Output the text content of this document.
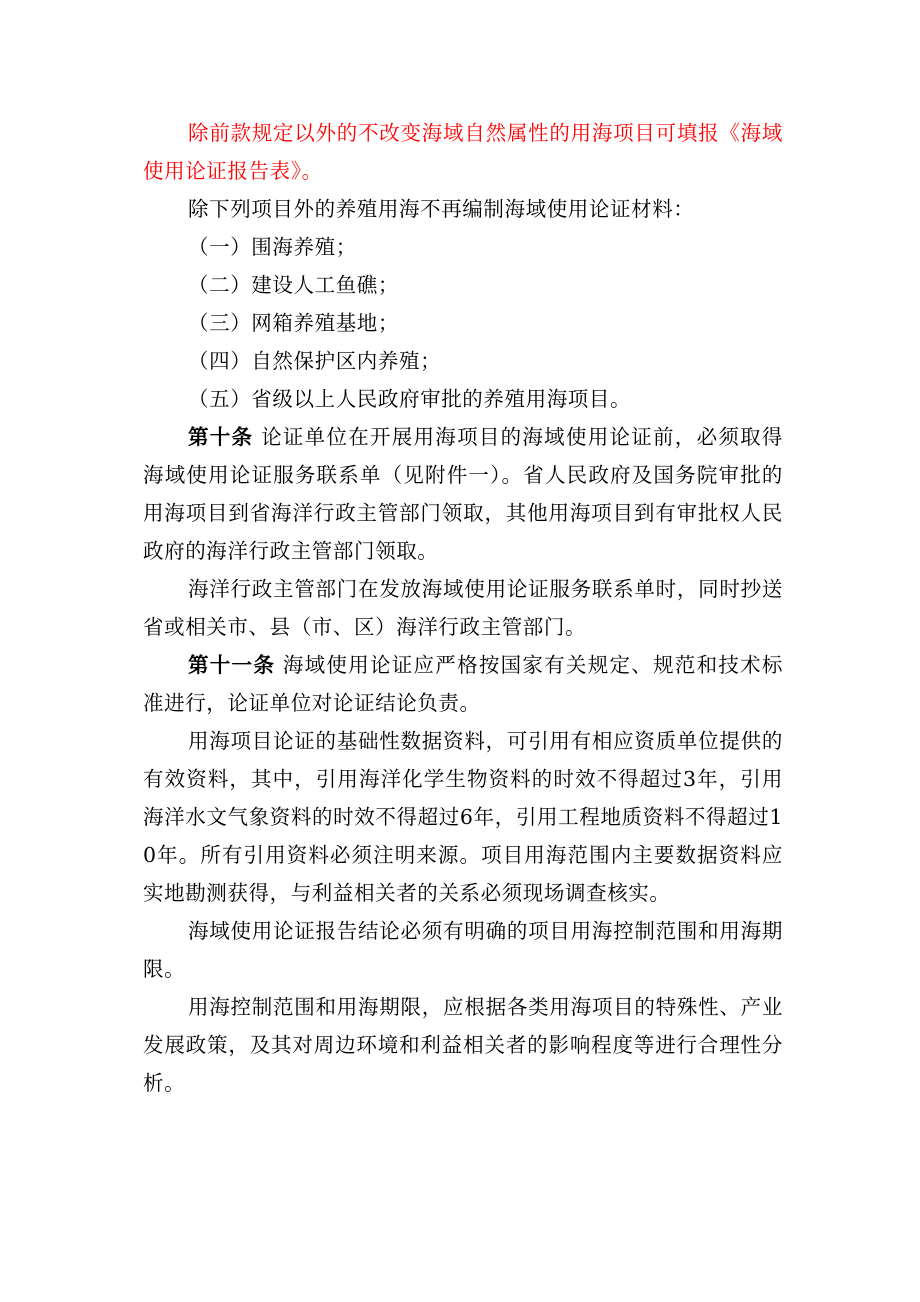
除前款规定以外的不改变海域自然属性的用海项目可填报《海域使用论证报告表》。

除下列项目外的养殖用海不再编制海域使用论证材料：

（一）围海养殖；

（二）建设人工鱼礁；

（三）网箱养殖基地；

（四）自然保护区内养殖；

（五）省级以上人民政府审批的养殖用海项目。

第十条 论证单位在开展用海项目的海域使用论证前，必须取得海域使用论证服务联系单（见附件一）。省人民政府及国务院审批的用海项目到省海洋行政主管部门领取，其他用海项目到有审批权人民政府的海洋行政主管部门领取。

海洋行政主管部门在发放海域使用论证服务联系单时，同时抄送省或相关市、县（市、区）海洋行政主管部门。

第十一条 海域使用论证应严格按国家有关规定、规范和技术标准进行，论证单位对论证结论负责。

用海项目论证的基础性数据资料，可引用有相应资质单位提供的有效资料，其中，引用海洋化学生物资料的时效不得超过3年，引用海洋水文气象资料的时效不得超过6年，引用工程地质资料不得超过10年。所有引用资料必须注明来源。项目用海范围内主要数据资料应实地勘测获得，与利益相关者的关系必须现场调查核实。

海域使用论证报告结论必须有明确的项目用海控制范围和用海期限。

用海控制范围和用海期限，应根据各类用海项目的特殊性、产业发展政策，及其对周边环境和利益相关者的影响程度等进行合理性分析。
